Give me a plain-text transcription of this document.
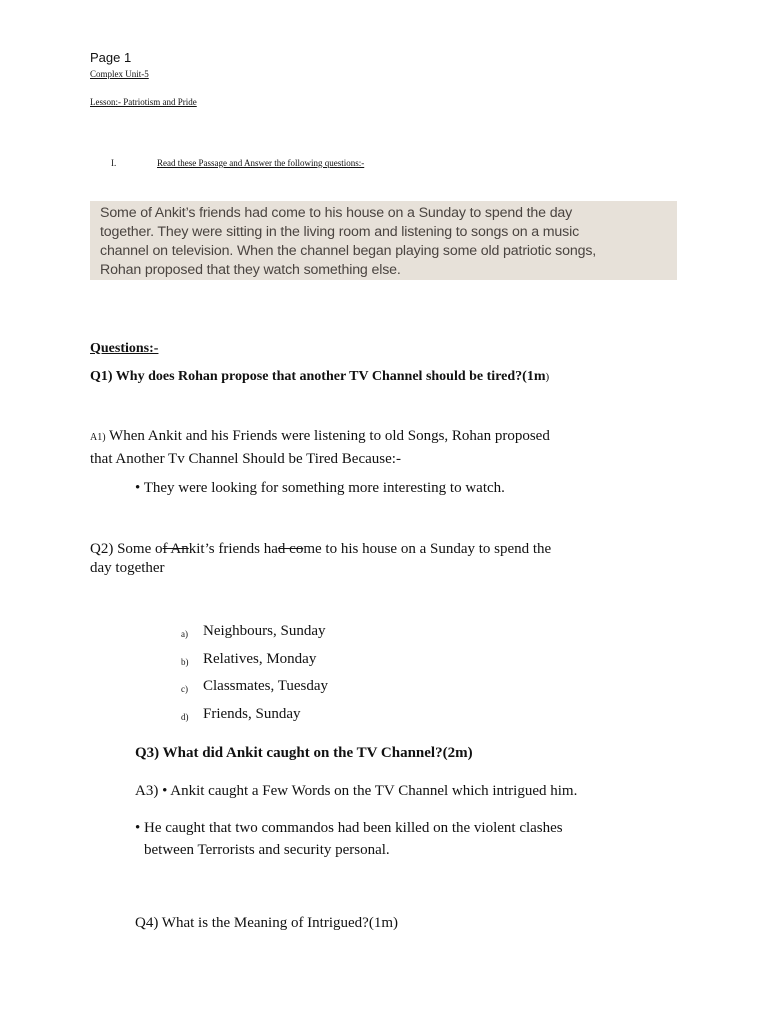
Page 1
Complex Unit-5
Lesson:- Patriotism and Pride
I.	Read these Passage and Answer the following questions:-
Some of Ankit’s friends had come to his house on a Sunday to spend the day
together. They were sitting in the living room and listening to songs on a music
channel on television. When the channel began playing some old patriotic songs,
Rohan proposed that they watch something else.
Questions:-
Q1) Why does Rohan propose that another TV Channel should be tired?(1m)
A1) When Ankit and his Friends were listening to old Songs, Rohan proposed
that Another Tv Channel Should be Tired Because:-
• They were looking for something more interesting to watch.
Q2) Some of Ankit’s friends had come to his house on a Sunday to spend the
day together
a) Neighbours, Sunday
b) Relatives, Monday
c) Classmates, Tuesday
d) Friends, Sunday
Q3) What did Ankit caught on the TV Channel?(2m)
A3) • Ankit caught a Few Words on the TV Channel which intrigued him.
• He caught that two commandos had been killed on the violent clashes
between Terrorists and security personal.
Q4) What is the Meaning of Intrigued?(1m)
